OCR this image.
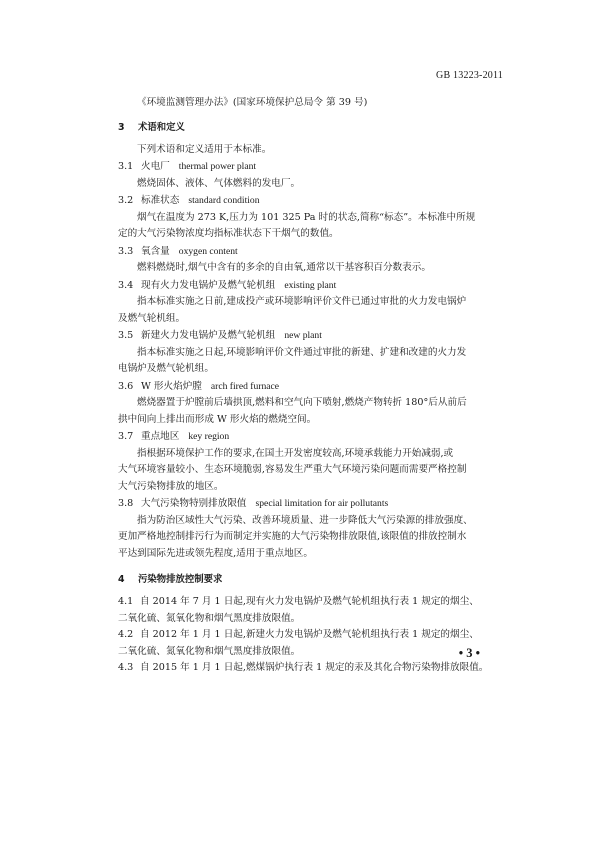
GB 13223-2011
《环境监测管理办法》(国家环境保护总局令 第 39 号)
3 术语和定义
下列术语和定义适用于本标准。
3.1 火电厂 thermal power plant
燃烧固体、液体、气体燃料的发电厂。
3.2 标准状态 standard condition
烟气在温度为 273 K,压力为 101 325 Pa 时的状态,简称“标态”。本标准中所规
定的大气污染物浓度均指标准状态下干烟气的数值。
3.3 氧含量 oxygen content
燃料燃烧时,烟气中含有的多余的自由氧,通常以干基容积百分数表示。
3.4 现有火力发电锅炉及燃气轮机组 existing plant
指本标准实施之日前,建成投产或环境影响评价文件已通过审批的火力发电锅炉
及燃气轮机组。
3.5 新建火力发电锅炉及燃气轮机组 new plant
指本标准实施之日起,环境影响评价文件通过审批的新建、扩建和改建的火力发
电锅炉及燃气轮机组。
3.6 W 形火焰炉膛 arch fired furnace
燃烧器置于炉膛前后墙拱顶,燃料和空气向下喷射,燃烧产物转折 180°后从前后
拱中间向上排出而形成 W 形火焰的燃烧空间。
3.7 重点地区 key region
指根据环境保护工作的要求,在国土开发密度较高,环境承载能力开始减弱,或
大气环境容量较小、生态环境脆弱,容易发生严重大气环境污染问题而需要严格控制
大气污染物排放的地区。
3.8 大气污染物特别排放限值 special limitation for air pollutants
指为防治区域性大气污染、改善环境质量、进一步降低大气污染源的排放强度、
更加严格地控制排污行为而制定并实施的大气污染物排放限值,该限值的排放控制水
平达到国际先进或领先程度,适用于重点地区。
4 污染物排放控制要求
4.1 自 2014 年 7 月 1 日起,现有火力发电锅炉及燃气轮机组执行表 1 规定的烟尘、
二氧化硫、氮氧化物和烟气黑度排放限值。
4.2 自 2012 年 1 月 1 日起,新建火力发电锅炉及燃气轮机组执行表 1 规定的烟尘、
二氧化硫、氮氧化物和烟气黑度排放限值。
4.3 自 2015 年 1 月 1 日起,燃煤锅炉执行表 1 规定的汞及其化合物污染物排放限值。
• 3 •
